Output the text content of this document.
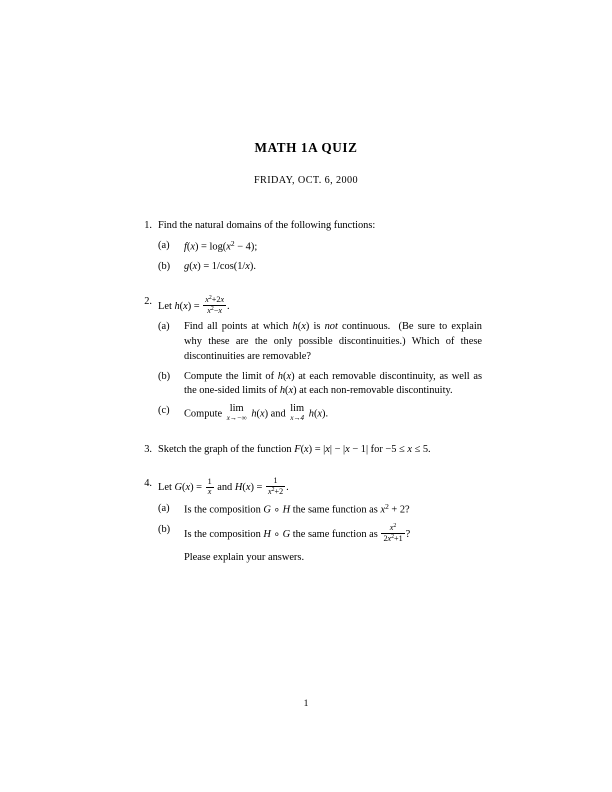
MATH 1A QUIZ
FRIDAY, OCT. 6, 2000
1. Find the natural domains of the following functions:
(a)	$f(x) = \log(x^2 - 4)$;
(b)	g(x) = 1/cos(1/x).
2. Let $h(x) = \frac{x^2+2x}{x^2-x}$ .
(a)	Find all points at which h(x) is not continuous.  (Be sure to explain why these are the only possible discontinuities.) Which of these discontinuities are removable?
(b)	Compute the limit of h(x) at each removable discontinuity, as well as the one-sided limits of h(x) at each non-removable discontinuity.
(c)	Compute lim
x→−∞ h(x) and lim
x→4 h(x).
3. Sketch the graph of the function F(x) = |x| − |x − 1| for −5 ≤ x ≤ 5.
4. Let $G(x) = \frac{1}{x}$ and $H(x) = \frac{1}{x^2+2}$ .
(a)	Is the composition G ∘ H the same function as $x^2 + 2$?
(b)	Is the composition H ∘ G the same function as $\frac{x^2}{2x^2+1}$ ?
Please explain your answers.
1
